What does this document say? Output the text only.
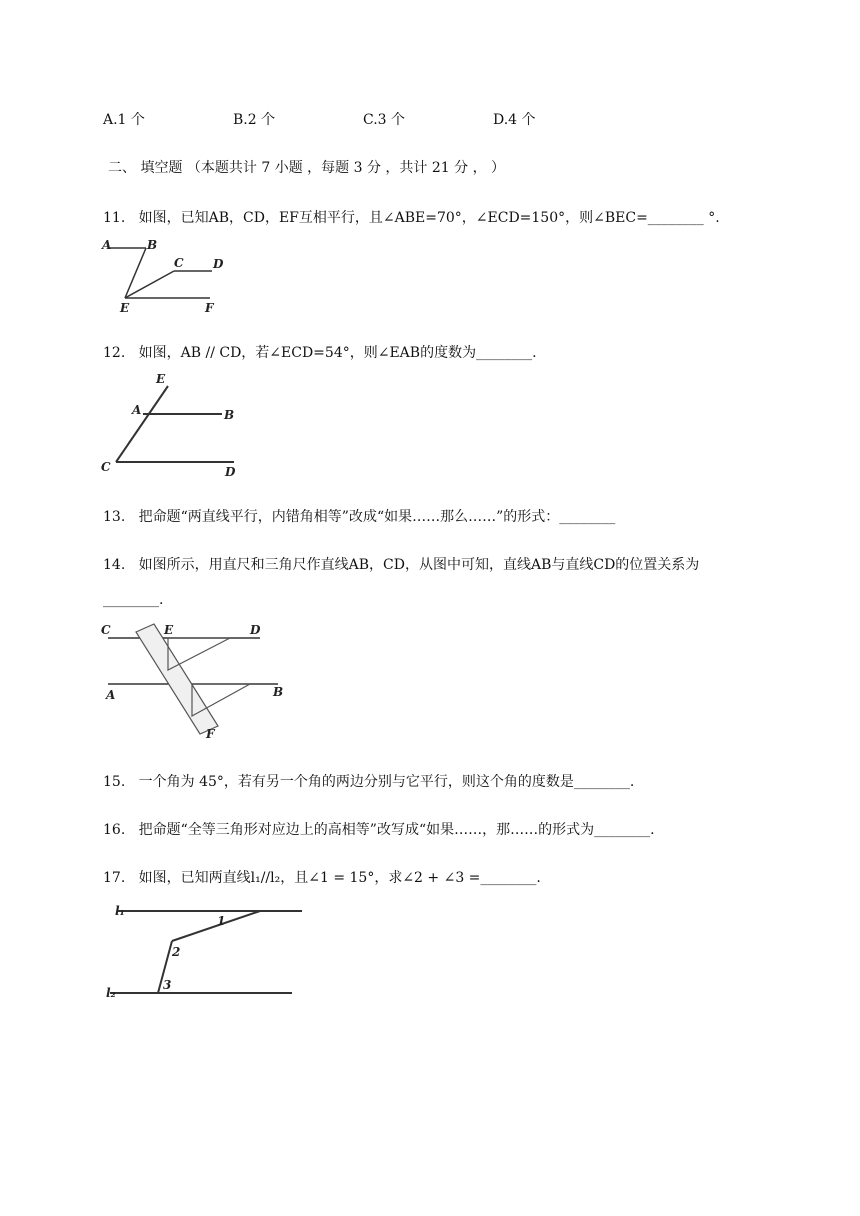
A.1 个	B.2 个	C.3 个	D.4 个
二、 填空题 （本题共计 7 小题 ，每题 3 分 ，共计 21 分 ， ）
11. 如图，已知AB，CD，EF互相平行，且∠ABE=70°，∠ECD=150°，则∠BEC=________ °.
A	B
C D
E	F
12. 如图，AB // CD，若∠ECD=54°，则∠EAB的度数为________.
E
A	B
C	D
13. 把命题“两直线平行，内错角相等”改成“如果……那么……”的形式：________
14.   如图所示，用直尺和三角尺作直线AB，CD，从图中可知，直线AB与直线CD的位置关系为
________.
C	E	D
A	B
F
15. 一个角为 45°，若有另一个角的两边分别与它平行，则这个角的度数是________.
16. 把命题“全等三角形对应边上的高相等”改写成“如果……，那……的形式为________.
17. 如图，已知两直线l₁//l₂，且∠1 = 15°，求∠2 + ∠3 =________.
l₁
l₂
1
2
3
